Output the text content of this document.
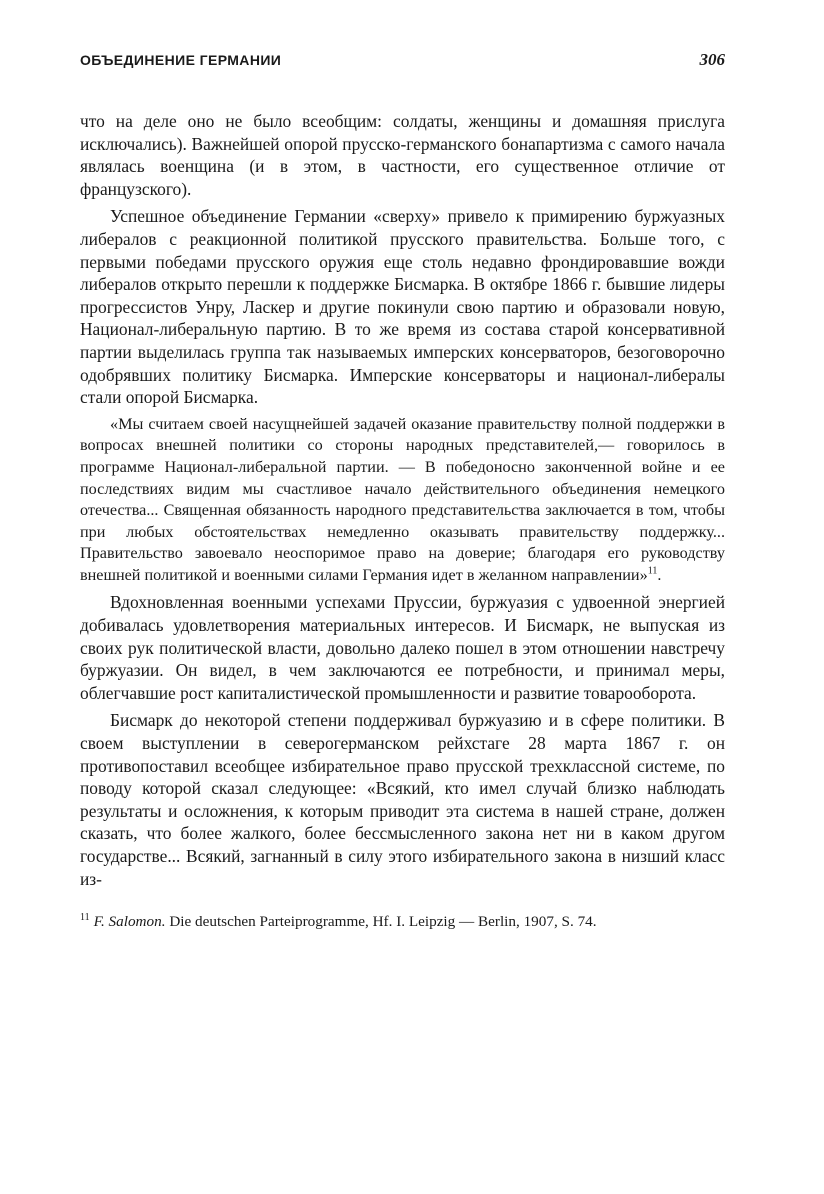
ОБЪЕДИНЕНИЕ ГЕРМАНИИ	306

что на деле оно не было всеобщим: солдаты, женщины и домашняя прислуга исключались). Важнейшей опорой прусско-германского бонапартизма с самого начала являлась военщина (и в этом, в частности, его существенное отличие от французского).

Успешное объединение Германии «сверху» привело к примирению буржуазных либералов с реакционной политикой прусского правительства. Больше того, с первыми победами прусского оружия еще столь недавно фрондировавшие вожди либералов открыто перешли к поддержке Бисмарка. В октябре 1866 г. бывшие лидеры прогрессистов Унру, Ласкер и другие покинули свою партию и образовали новую, Национал-либеральную партию. В то же время из состава старой консервативной партии выделилась группа так называемых имперских консерваторов, безоговорочно одобрявших политику Бисмарка. Имперские консерваторы и национал-либералы стали опорой Бисмарка.

«Мы считаем своей насущнейшей задачей оказание правительству полной поддержки в вопросах внешней политики со стороны народных представителей,— говорилось в программе Национал-либеральной партии. — В победоносно законченной войне и ее последствиях видим мы счастливое начало действительного объединения немецкого отечества... Священная обязанность народного представительства заключается в том, чтобы при любых обстоятельствах немедленно оказывать правительству поддержку... Правительство завоевало неоспоримое право на доверие; благодаря его руководству внешней политикой и военными силами Германия идет в желанном направлении»$^{11}$.

Вдохновленная военными успехами Пруссии, буржуазия с удвоенной энергией добивалась удовлетворения материальных интересов. И Бисмарк, не выпуская из своих рук политической власти, довольно далеко пошел в этом отношении навстречу буржуазии. Он видел, в чем заключаются ее потребности, и принимал меры, облегчавшие рост капиталистической промышленности и развитие товарооборота.

Бисмарк до некоторой степени поддерживал буржуазию и в сфере политики. В своем выступлении в северогерманском рейхстаге 28 марта 1867 г. он противопоставил всеобщее избирательное право прусской трехклассной системе, по поводу которой сказал следующее: «Всякий, кто имел случай близко наблюдать результаты и осложнения, к которым приводит эта система в нашей стране, должен сказать, что более жалкого, более бессмысленного закона нет ни в каком другом государстве... Всякий, загнанный в силу этого избирательного закона в низший класс из-

$^{11}$ F. Salomon. Die deutschen Parteiprogramme, Hf. I. Leipzig — Berlin, 1907, S. 74.
